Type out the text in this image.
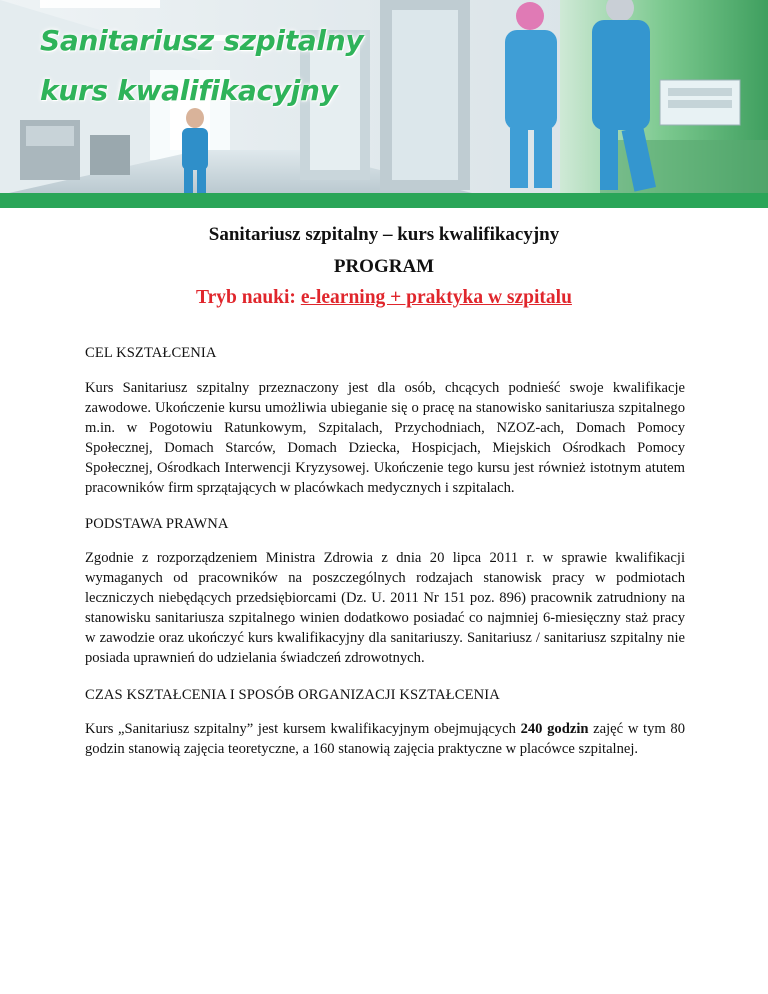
Sanitariusz szpitalny
kurs kwalifikacyjny
Sanitariusz szpitalny – kurs kwalifikacyjny
PROGRAM
Tryb nauki: e-learning + praktyka w szpitalu
CEL KSZTAŁCENIA
Kurs Sanitariusz szpitalny przeznaczony jest dla osób, chcących podnieść swoje kwalifikacje zawodowe. Ukończenie kursu umożliwia ubieganie się o pracę na stanowisko sanitariusza szpitalnego m.in. w Pogotowiu Ratunkowym, Szpitalach, Przychodniach, NZOZ-ach, Domach Pomocy Społecznej, Domach Starców, Domach Dziecka, Hospicjach, Miejskich Ośrodkach Pomocy Społecznej, Ośrodkach Interwencji Kryzysowej. Ukończenie tego kursu jest również istotnym atutem pracowników firm sprzątających w placówkach medycznych i szpitalach.
PODSTAWA PRAWNA
Zgodnie z rozporządzeniem Ministra Zdrowia z dnia 20 lipca 2011 r. w sprawie kwalifikacji wymaganych od pracowników na poszczególnych rodzajach stanowisk pracy w podmiotach leczniczych niebędących przedsiębiorcami (Dz. U. 2011 Nr 151 poz. 896) pracownik zatrudniony na stanowisku sanitariusza szpitalnego winien dodatkowo posiadać co najmniej 6-miesięczny staż pracy w zawodzie oraz ukończyć kurs kwalifikacyjny dla sanitariuszy. Sanitariusz / sanitariusz szpitalny nie posiada uprawnień do udzielania świadczeń zdrowotnych.
CZAS KSZTAŁCENIA I SPOSÓB ORGANIZACJI KSZTAŁCENIA
Kurs „Sanitariusz szpitalny” jest kursem kwalifikacyjnym obejmujących 240 godzin zajęć w tym 80 godzin stanowią zajęcia teoretyczne, a 160 stanowią zajęcia praktyczne w placówce szpitalnej.
